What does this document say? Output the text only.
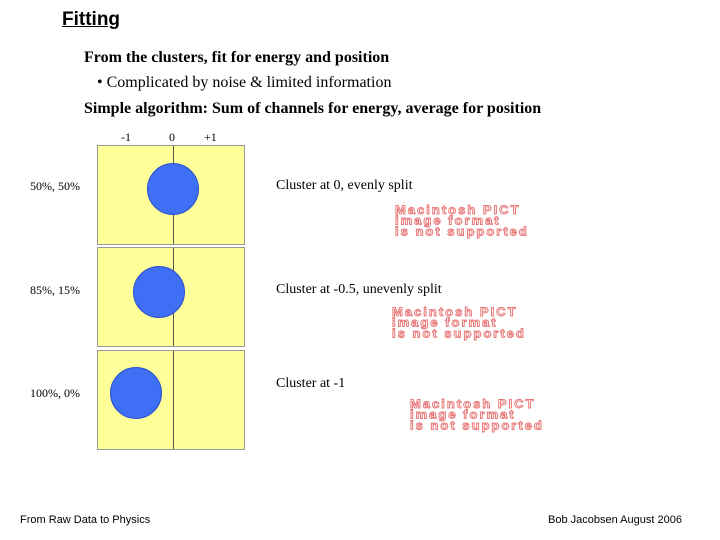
Fitting
From the clusters, fit for energy and position
• Complicated by noise & limited information
Simple algorithm: Sum of channels for energy, average for position
-1	0 +1
50%, 50%	Cluster at 0, evenly split
Macintosh PICT
image format
is not supported
85%, 15%	Cluster at -0.5, unevenly split
Macintosh PICT
image format
is not supported
100%, 0%
Cluster at -1
Macintosh PICT
image format
is not supported
From Raw Data to Physics	Bob Jacobsen August 2006
